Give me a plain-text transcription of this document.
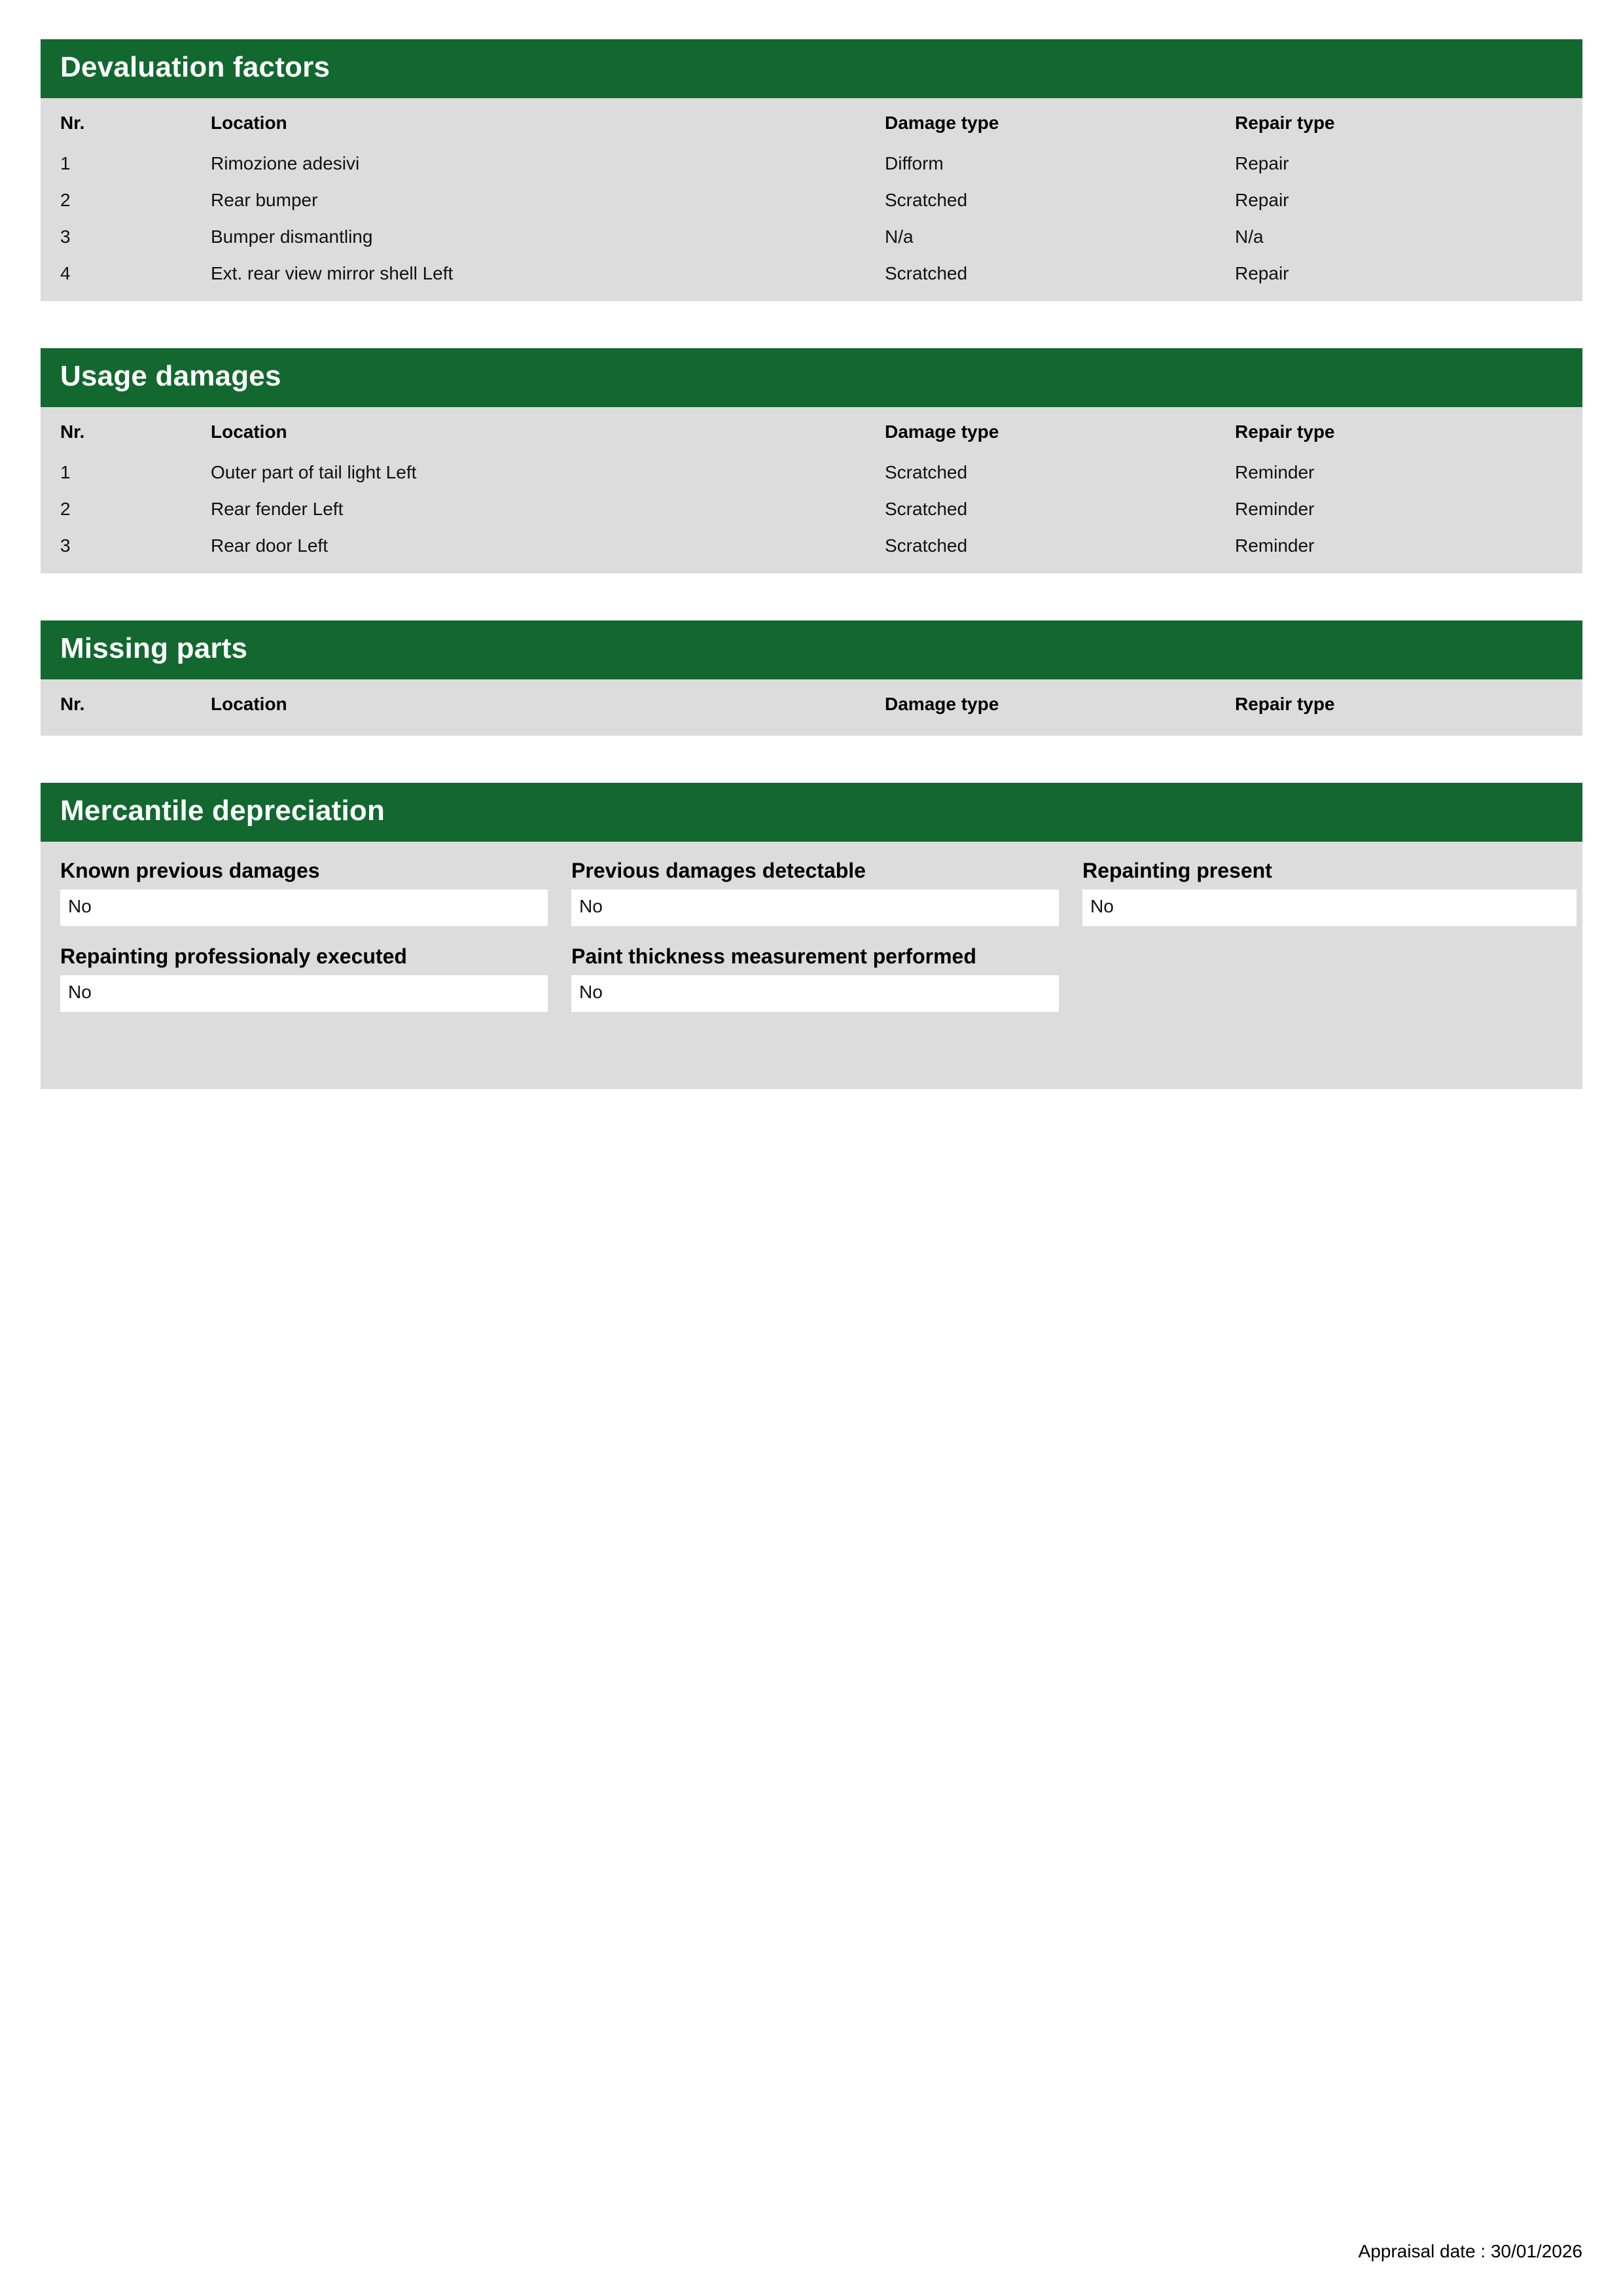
Devaluation factors
Nr.	Location	Damage type	Repair type
1	Rimozione adesivi	Difform	Repair
2	Rear bumper	Scratched	Repair
3	Bumper dismantling	N/a	N/a
4	Ext. rear view mirror shell Left	Scratched	Repair
Usage damages
Nr.	Location	Damage type	Repair type
1	Outer part of tail light Left	Scratched	Reminder
2	Rear fender Left	Scratched	Reminder
3	Rear door Left	Scratched	Reminder
Missing parts
Nr.	Location	Damage type	Repair type
Mercantile depreciation
Known previous damages
No
Previous damages detectable
No
Repainting present
No
Repainting professionaly executed
No
Paint thickness measurement performed
No
Appraisal date : 30/01/2026
